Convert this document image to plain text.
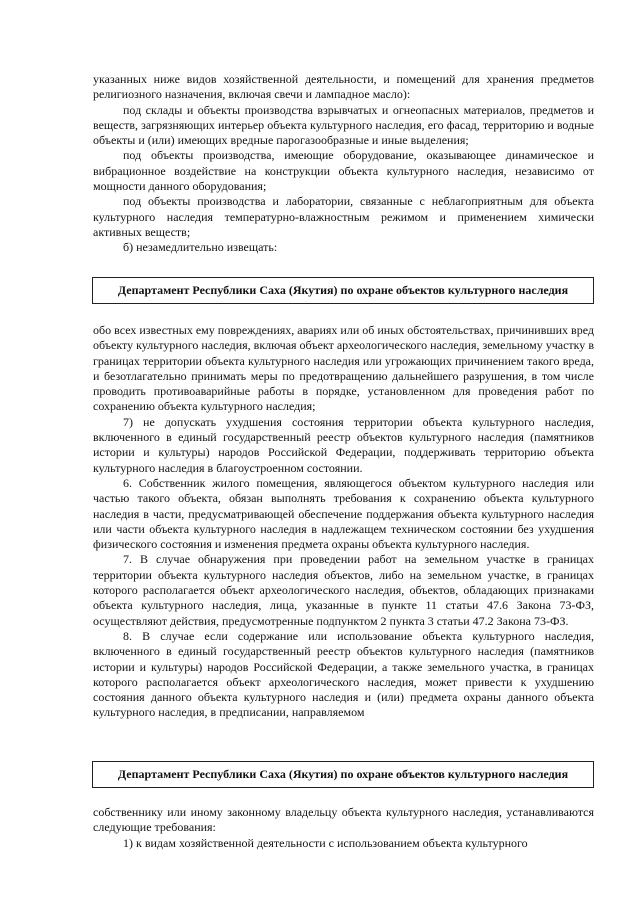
указанных ниже видов хозяйственной деятельности, и помещений для хранения предметов религиозного назначения, включая свечи и лампадное масло):

под склады и объекты производства взрывчатых и огнеопасных материалов, предметов и веществ, загрязняющих интерьер объекта культурного наследия, его фасад, территорию и водные объекты и (или) имеющих вредные парогазообразные и иные выделения;

под объекты производства, имеющие оборудование, оказывающее динамическое и вибрационное воздействие на конструкции объекта культурного наследия, независимо от мощности данного оборудования;

под объекты производства и лаборатории, связанные с неблагоприятным для объекта культурного наследия температурно-влажностным режимом и применением химически активных веществ;

б) незамедлительно извещать:

Департамент Республики Саха (Якутия) по охране объектов культурного наследия

обо всех известных ему повреждениях, авариях или об иных обстоятельствах, причинивших вред объекту культурного наследия, включая объект археологического наследия, земельному участку в границах территории объекта культурного наследия или угрожающих причинением такого вреда, и безотлагательно принимать меры по предотвращению дальнейшего разрушения, в том числе проводить противоаварийные работы в порядке, установленном для проведения работ по сохранению объекта культурного наследия;

7) не допускать ухудшения состояния территории объекта культурного наследия, включенного в единый государственный реестр объектов культурного наследия (памятников истории и культуры) народов Российской Федерации, поддерживать территорию объекта культурного наследия в благоустроенном состоянии.

6. Собственник жилого помещения, являющегося объектом культурного наследия или частью такого объекта, обязан выполнять требования к сохранению объекта культурного наследия в части, предусматривающей обеспечение поддержания объекта культурного наследия или части объекта культурного наследия в надлежащем техническом состоянии без ухудшения физического состояния и изменения предмета охраны объекта культурного наследия.

7. В случае обнаружения при проведении работ на земельном участке в границах территории объекта культурного наследия объектов, либо на земельном участке, в границах которого располагается объект археологического наследия, объектов, обладающих признаками объекта культурного наследия, лица, указанные в пункте 11 статьи 47.6 Закона 73-ФЗ, осуществляют действия, предусмотренные подпунктом 2 пункта 3 статьи 47.2 Закона 73-ФЗ.

8. В случае если содержание или использование объекта культурного наследия, включенного в единый государственный реестр объектов культурного наследия (памятников истории и культуры) народов Российской Федерации, а также земельного участка, в границах которого располагается объект археологического наследия, может привести к ухудшению состояния данного объекта культурного наследия и (или) предмета охраны данного объекта культурного наследия, в предписании, направляемом

Департамент Республики Саха (Якутия) по охране объектов культурного наследия

собственнику или иному законному владельцу объекта культурного наследия, устанавливаются следующие требования:

1) к видам хозяйственной деятельности с использованием объекта культурного
